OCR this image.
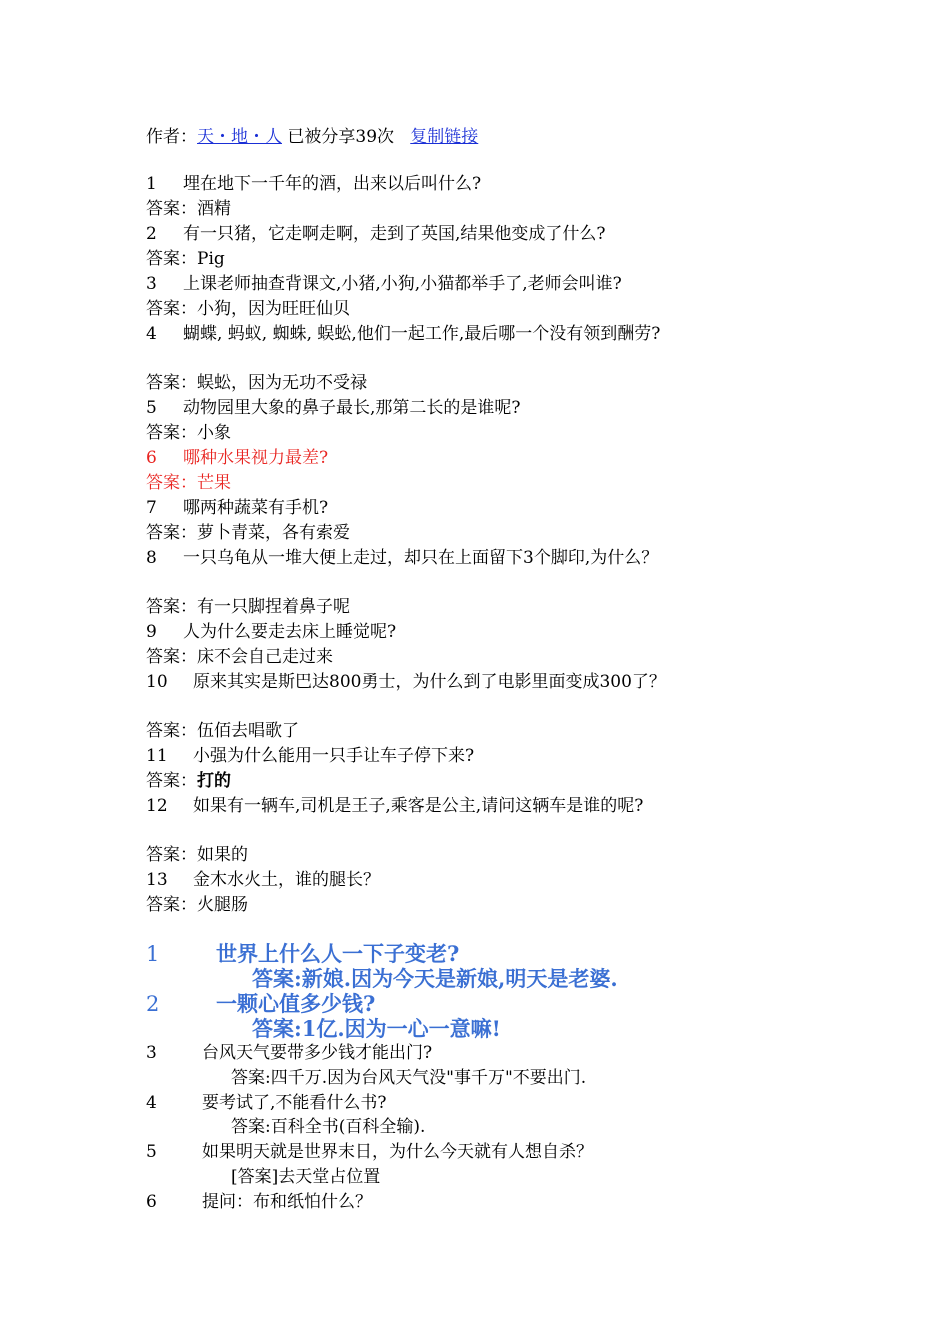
作者：天・地・人 已被分享39次 复制链接
1 埋在地下一千年的酒，出来以后叫什么?
答案：酒精
2 有一只猪，它走啊走啊，走到了英国,结果他变成了什么?
答案：Pig
3 上课老师抽查背课文,小猪,小狗,小猫都举手了,老师会叫谁?
答案：小狗，因为旺旺仙贝
4 蝴蝶, 蚂蚁, 蜘蛛, 蜈蚣,他们一起工作,最后哪一个没有领到酬劳?
答案：蜈蚣，因为无功不受禄
5 动物园里大象的鼻子最长,那第二长的是谁呢?
答案：小象
6 哪种水果视力最差?
答案：芒果
7 哪两种蔬菜有手机?
答案：萝卜青菜，各有索爱
8 一只乌龟从一堆大便上走过，却只在上面留下3个脚印,为什么？
答案：有一只脚捏着鼻子呢
9 人为什么要走去床上睡觉呢?
答案：床不会自己走过来
10 原来其实是斯巴达800勇士，为什么到了电影里面变成300了？
答案：伍佰去唱歌了
11 小强为什么能用一只手让车子停下来?
答案：打的
12 如果有一辆车,司机是王子,乘客是公主,请问这辆车是谁的呢?
答案：如果的
13 金木水火土，谁的腿长？
答案：火腿肠
1	世界上什么人一下子变老?
答案:新娘.因为今天是新娘,明天是老婆.
2	一颗心值多少钱?
答案:1亿.因为一心一意嘛!
3	台风天气要带多少钱才能出门?
答案:四千万.因为台风天气没"事千万"不要出门.
4	要考试了,不能看什么书?
答案:百科全书(百科全输).
5	如果明天就是世界末日，为什么今天就有人想自杀？
[答案]去天堂占位置
6	提问：布和纸怕什么？
